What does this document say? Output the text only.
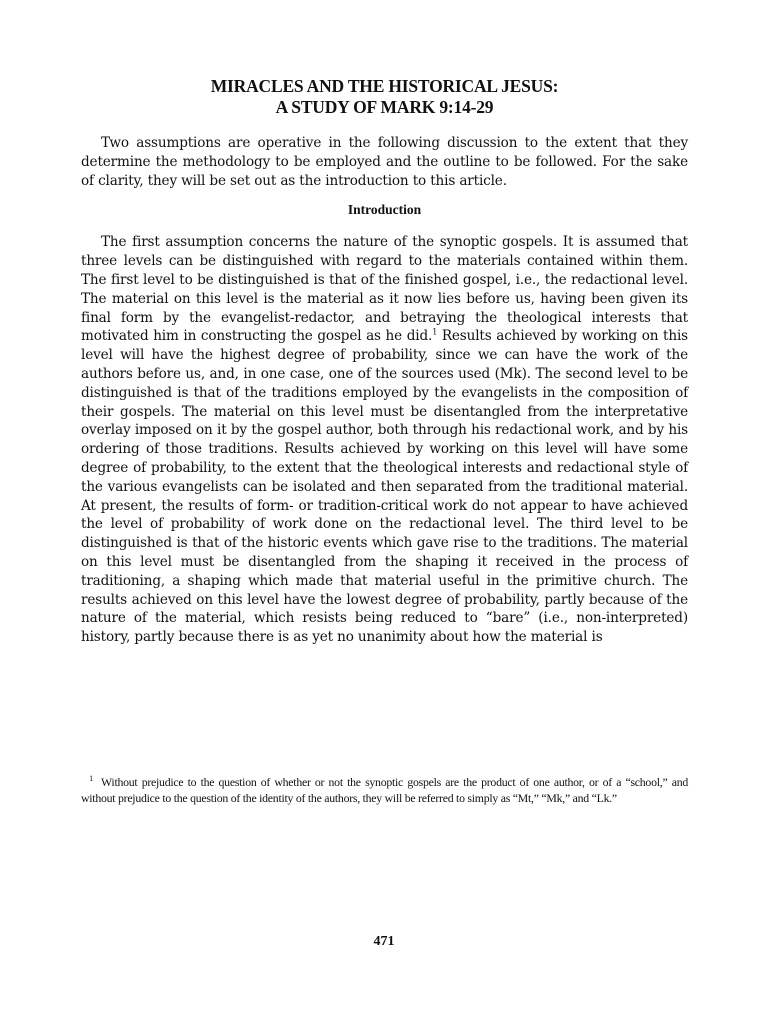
MIRACLES AND THE HISTORICAL JESUS:
A STUDY OF MARK 9:14-29

Two assumptions are operative in the following discussion to the extent that they determine the methodology to be employed and the outline to be followed. For the sake of clarity, they will be set out as the introduction to this article.

Introduction

The first assumption concerns the nature of the synoptic gospels. It is assumed that three levels can be distinguished with regard to the materials contained within them. The first level to be distinguished is that of the finished gospel, i.e., the redactional level. The material on this level is the material as it now lies before us, having been given its final form by the evangelist-redactor, and betraying the theological interests that motivated him in constructing the gospel as he did.$^1$ Results achieved by working on this level will have the highest degree of probability, since we can have the work of the authors before us, and, in one case, one of the sources used (Mk). The second level to be distinguished is that of the traditions employed by the evangelists in the composition of their gospels. The material on this level must be disentangled from the interpretative overlay imposed on it by the gospel author, both through his redactional work, and by his ordering of those traditions. Results achieved by working on this level will have some degree of probability, to the extent that the theological interests and redactional style of the various evangelists can be isolated and then separated from the traditional material. At present, the results of form- or tradition-critical work do not appear to have achieved the level of probability of work done on the redactional level. The third level to be distinguished is that of the historic events which gave rise to the traditions. The material on this level must be disentangled from the shaping it received in the process of traditioning, a shaping which made that material useful in the primitive church. The results achieved on this level have the lowest degree of probability, partly because of the nature of the material, which resists being reduced to “bare” (i.e., non-interpreted) history, partly because there is as yet no unanimity about how the material is

1 Without prejudice to the question of whether or not the synoptic gospels are the product of one author, or of a “school,” and without prejudice to the question of the identity of the authors, they will be referred to simply as “Mt,” “Mk,” and “Lk.”

471
